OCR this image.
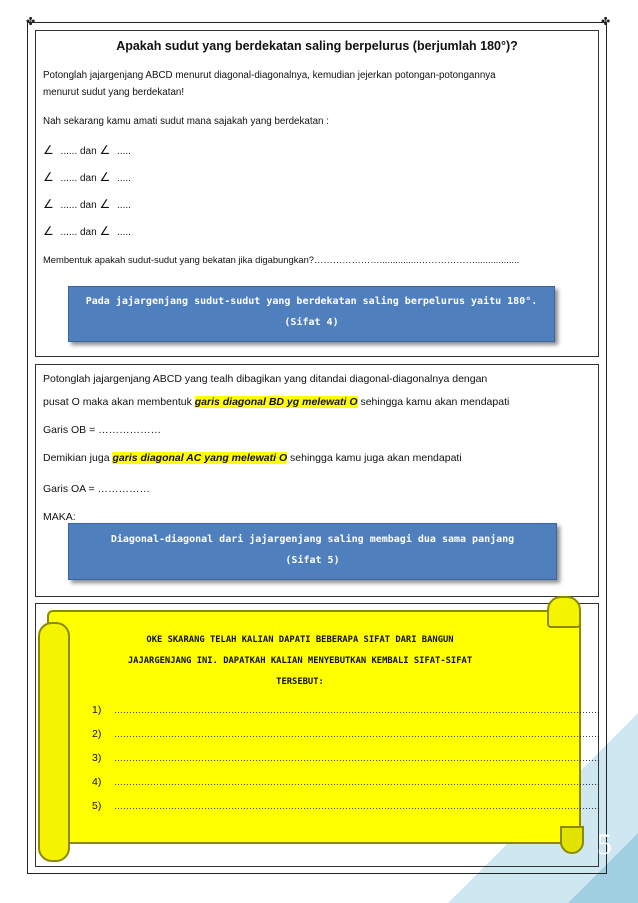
✤	✤
Apakah sudut yang berdekatan saling berpelurus (berjumlah 180°)?
Potonglah jajargenjang ABCD menurut diagonal-diagonalnya, kemudian jejerkan potongan-potongannya
menurut sudut yang berdekatan!
Nah sekarang kamu amati sudut mana sajakah yang berdekatan :
∠ ...... dan ∠ .....
∠ ...... dan ∠ .....
∠ ...... dan ∠ .....
∠ ...... dan ∠ .....
Membentuk apakah sudut-sudut yang bekatan jika digabungkan?…………………...............……………….................
Pada jajargenjang sudut-sudut yang berdekatan saling berpelurus yaitu 180°.
(Sifat 4)
Potonglah jajargenjang ABCD yang tealh dibagikan yang ditandai diagonal-diagonalnya dengan
pusat O maka akan membentuk garis diagonal BD yg melewati O sehingga kamu akan mendapati
Garis OB = ………………
Demikian juga garis diagonal AC yang melewati O sehingga kamu juga akan mendapati
Garis OA = ……………
MAKA:
Diagonal-diagonal dari jajargenjang saling membagi dua sama panjang
(Sifat 5)
OKE SKARANG TELAH KALIAN DAPATI BEBERAPA SIFAT DARI BANGUN
JAJARGENJANG INI. DAPATKAH KALIAN MENYEBUTKAN KEMBALI SIFAT-SIFAT
TERSEBUT:
1) ………………………………………………………………………………………………………………………………………………
2) ………………………………………………………………………………………………………………………………………………
3) ………………………………………………………………………………………………………………………………………………
4) ………………………………………………………………………………………………………………………………………………
5) ………………………………………………………………………………………………………………………………………………
5
